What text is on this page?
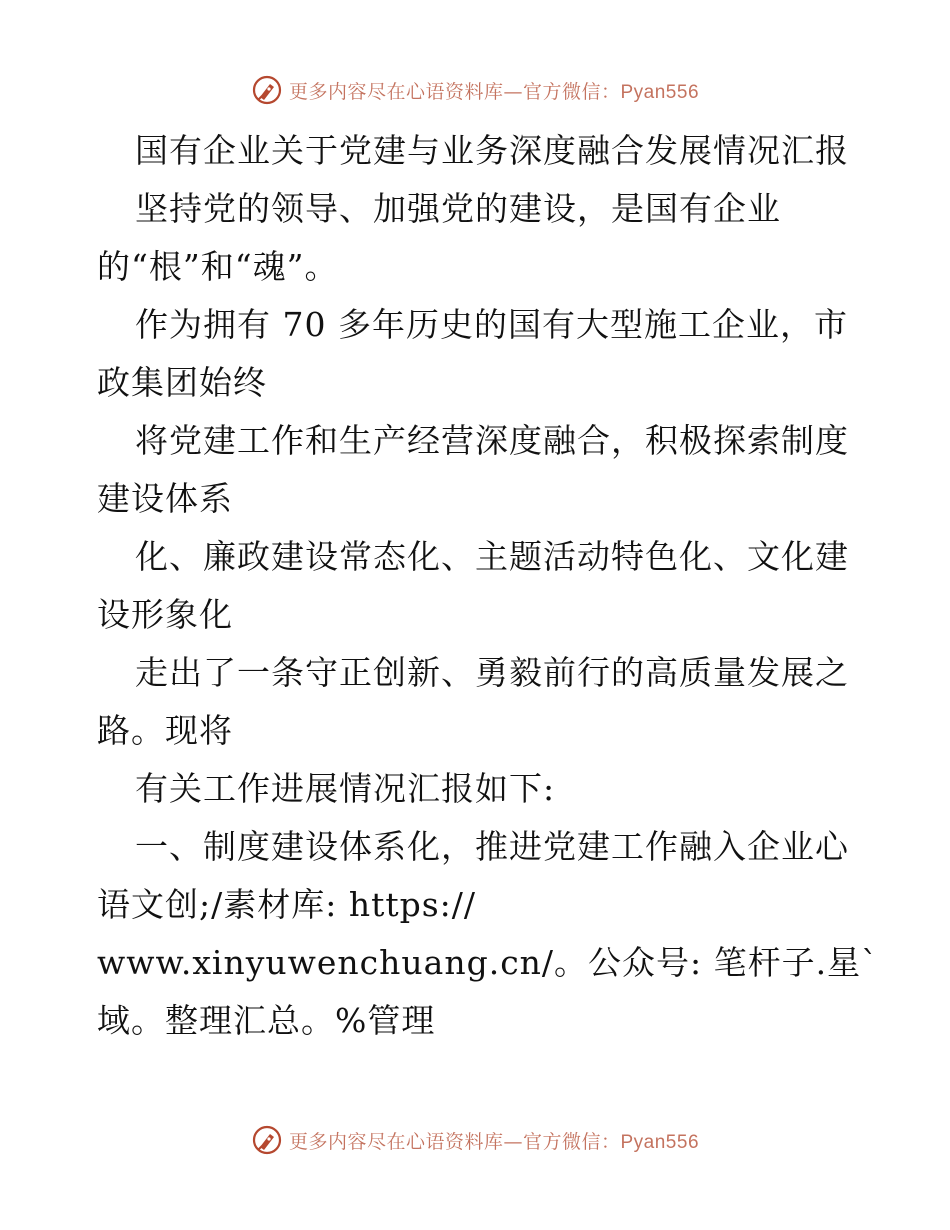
更多内容尽在心语资料库—官方微信：Pyan556
国有企业关于党建与业务深度融合发展情况汇报
坚持党的领导、加强党的建设，是国有企业
的“根”和“魂”。
作为拥有 70 多年历史的国有大型施工企业，市
政集团始终
将党建工作和生产经营深度融合，积极探索制度
建设体系
化、廉政建设常态化、主题活动特色化、文化建
设形象化
走出了一条守正创新、勇毅前行的高质量发展之
路。现将
有关工作进展情况汇报如下:
一、制度建设体系化，推进党建工作融入企业心
语文创;/素材库: https://
www.xinyuwenchuang.cn/。公众号: 笔杆子.星`
域。整理汇总。%管理
更多内容尽在心语资料库—官方微信：Pyan556
